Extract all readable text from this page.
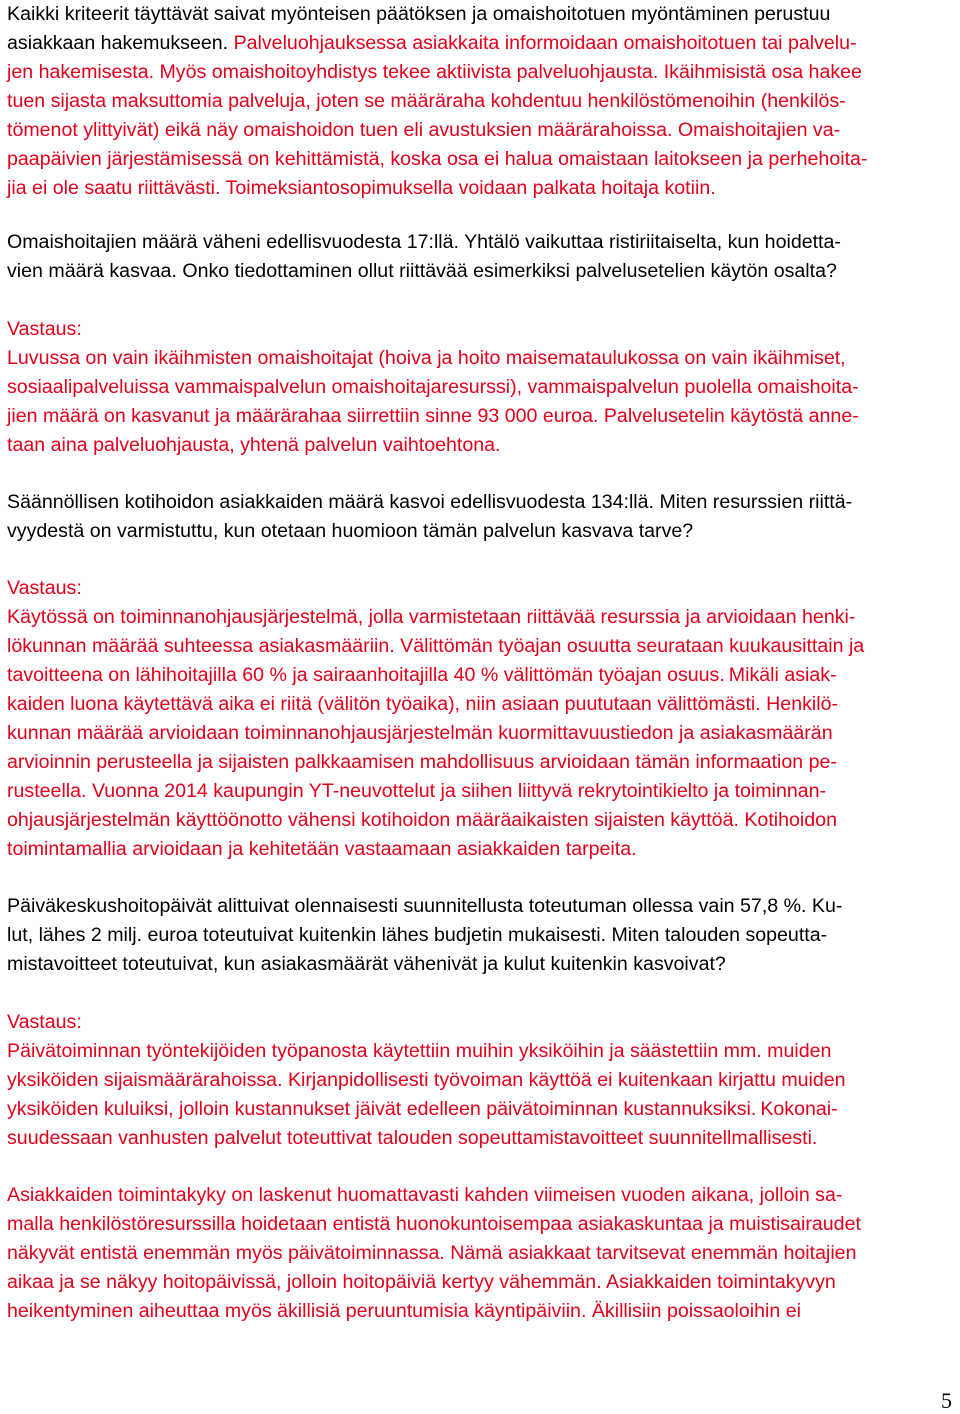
Kaikki kriteerit täyttävät saivat myönteisen päätöksen ja omaishoitotuen myöntäminen perustuu
asiakkaan hakemukseen. Palveluohjauksessa asiakkaita informoidaan omaishoitotuen tai palvelu-
jen hakemisesta. Myös omaishoitoyhdistys tekee aktiivista palveluohjausta. Ikäihmisistä osa hakee
tuen sijasta maksuttomia palveluja, joten se määräraha kohdentuu henkilöstömenoihin (henkilös-
tömenot ylittyivät) eikä näy omaishoidon tuen eli avustuksien määrärahoissa. Omaishoitajien va-
paapäivien järjestämisessä on kehittämistä, koska osa ei halua omaistaan laitokseen ja perhehoita-
jia ei ole saatu riittävästi. Toimeksiantosopimuksella voidaan palkata hoitaja kotiin.
Omaishoitajien määrä väheni edellisvuodesta 17:llä. Yhtälö vaikuttaa ristiriitaiselta, kun hoidetta-
vien määrä kasvaa. Onko tiedottaminen ollut riittävää esimerkiksi palvelusetelien käytön osalta?
Vastaus:
Luvussa on vain ikäihmisten omaishoitajat (hoiva ja hoito maisemataulukossa on vain ikäihmiset,
sosiaalipalveluissa vammaispalvelun omaishoitajaresurssi), vammaispalvelun puolella omaishoita-
jien määrä on kasvanut ja määrärahaa siirrettiin sinne 93 000 euroa. Palvelusetelin käytöstä anne-
taan aina palveluohjausta, yhtenä palvelun vaihtoehtona.
Säännöllisen kotihoidon asiakkaiden määrä kasvoi edellisvuodesta 134:llä. Miten resurssien riittä-
vyydestä on varmistuttu, kun otetaan huomioon tämän palvelun kasvava tarve?
Vastaus:
Käytössä on toiminnanohjausjärjestelmä, jolla varmistetaan riittävää resurssia ja arvioidaan henki-
lökunnan määrää suhteessa asiakasmääriin. Välittömän työajan osuutta seurataan kuukausittain ja
tavoitteena on lähihoitajilla 60 % ja sairaanhoitajilla 40 % välittömän työajan osuus. Mikäli asiak-
kaiden luona käytettävä aika ei riitä (välitön työaika), niin asiaan puututaan välittömästi. Henkilö-
kunnan määrää arvioidaan toiminnanohjausjärjestelmän kuormittavuustiedon ja asiakasmäärän
arvioinnin perusteella ja sijaisten palkkaamisen mahdollisuus arvioidaan tämän informaation pe-
rusteella. Vuonna 2014 kaupungin YT-neuvottelut ja siihen liittyvä rekrytointikielto ja toiminnan-
ohjausjärjestelmän käyttöönotto vähensi kotihoidon määräaikaisten sijaisten käyttöä. Kotihoidon
toimintamallia arvioidaan ja kehitetään vastaamaan asiakkaiden tarpeita.
Päiväkeskushoitopäivät alittuivat olennaisesti suunnitellusta toteutuman ollessa vain 57,8 %. Ku-
lut, lähes 2 milj. euroa toteutuivat kuitenkin lähes budjetin mukaisesti. Miten talouden sopeutta-
mistavoitteet toteutuivat, kun asiakasmäärät vähenivät ja kulut kuitenkin kasvoivat?
Vastaus:
Päivätoiminnan työntekijöiden työpanosta käytettiin muihin yksiköihin ja säästettiin mm. muiden
yksiköiden sijaismäärärahoissa. Kirjanpidollisesti työvoiman käyttöä ei kuitenkaan kirjattu muiden
yksiköiden kuluiksi, jolloin kustannukset jäivät edelleen päivätoiminnan kustannuksiksi. Kokonai-
suudessaan vanhusten palvelut toteuttivat talouden sopeuttamistavoitteet suunnitellmallisesti.
Asiakkaiden toimintakyky on laskenut huomattavasti kahden viimeisen vuoden aikana, jolloin sa-
malla henkilöstöresurssilla hoidetaan entistä huonokuntoisempaa asiakaskuntaa ja muistisairaudet
näkyvät entistä enemmän myös päivätoiminnassa. Nämä asiakkaat tarvitsevat enemmän hoitajien
aikaa ja se näkyy hoitopäivissä, jolloin hoitopäiviä kertyy vähemmän. Asiakkaiden toimintakyvyn
heikentyminen aiheuttaa myös äkillisiä peruuntumisia käyntipäiviin. Äkillisiin poissaoloihin ei
5
